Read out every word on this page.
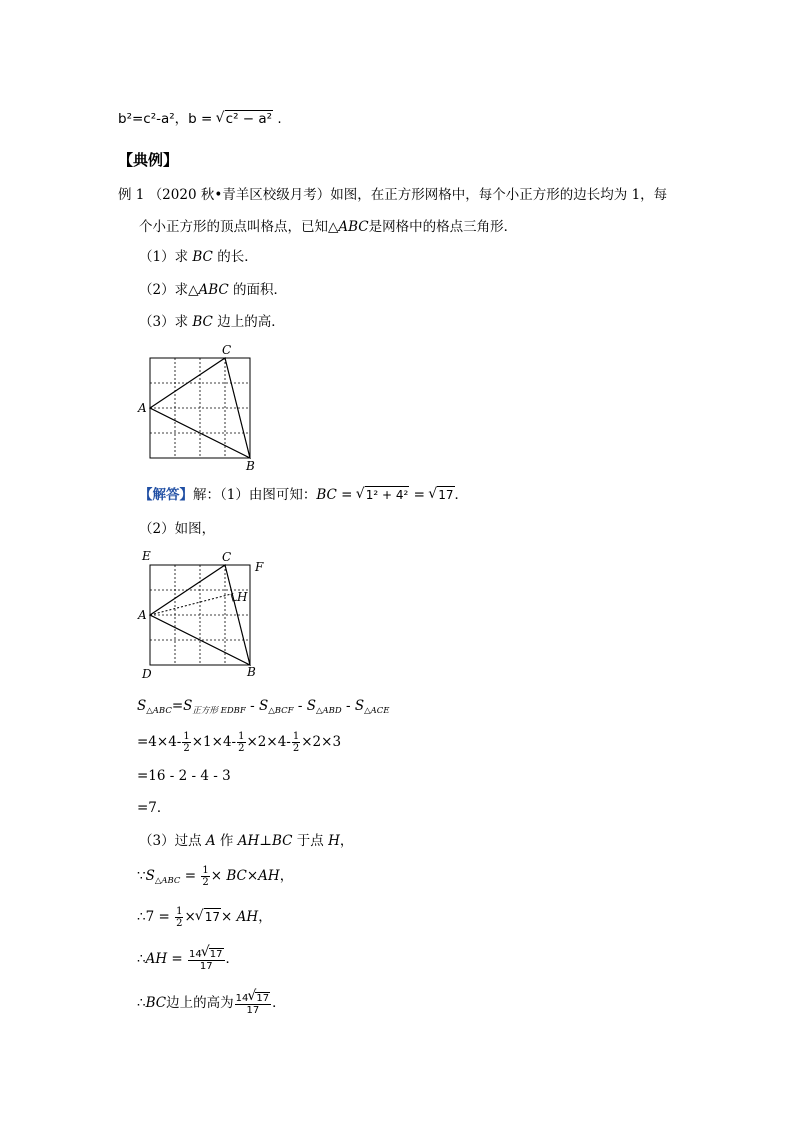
b²=c²-a²，b = √ c² − a² .
【典例】
例 1 （2020 秋•青羊区校级月考）如图，在正方形网格中，每个小正方形的边长均为 1，每
个小正方形的顶点叫格点，已知△ABC是网格中的格点三角形．
（1）求 BC 的长．
（2）求△ABC 的面积．
（3）求 BC 边上的高．
A
B
C
【解答】解：（1）由图可知：BC = √ 1² + 4² = √ 17．
（2）如图，
A
B
C
D
E
F
H
$S_{\triangle ABC}=S_{正方形 EDBF} - S_{\triangle BCF} - S_{\triangle ABD} - S_{\triangle ACE}$
$=4\times 4- \frac{1}{2} \times 1\times 4- \frac{1}{2} \times 2\times 4- \frac{1}{2} \times 2\times 3$
=16 - 2 - 4 - 3
=7．
（3）过点 A 作 AH⊥BC 于点 H，
$\because S_{\triangle ABC} = \frac{1}{2} \times BC\times AH$，
∴7 = $\frac{1}{2}$ × √ 17× AH，
∴AH = $\frac{14 √ 17}{17}$ ．
∴BC边上的高为 $\frac{14 √ 17}{17}$ ．
